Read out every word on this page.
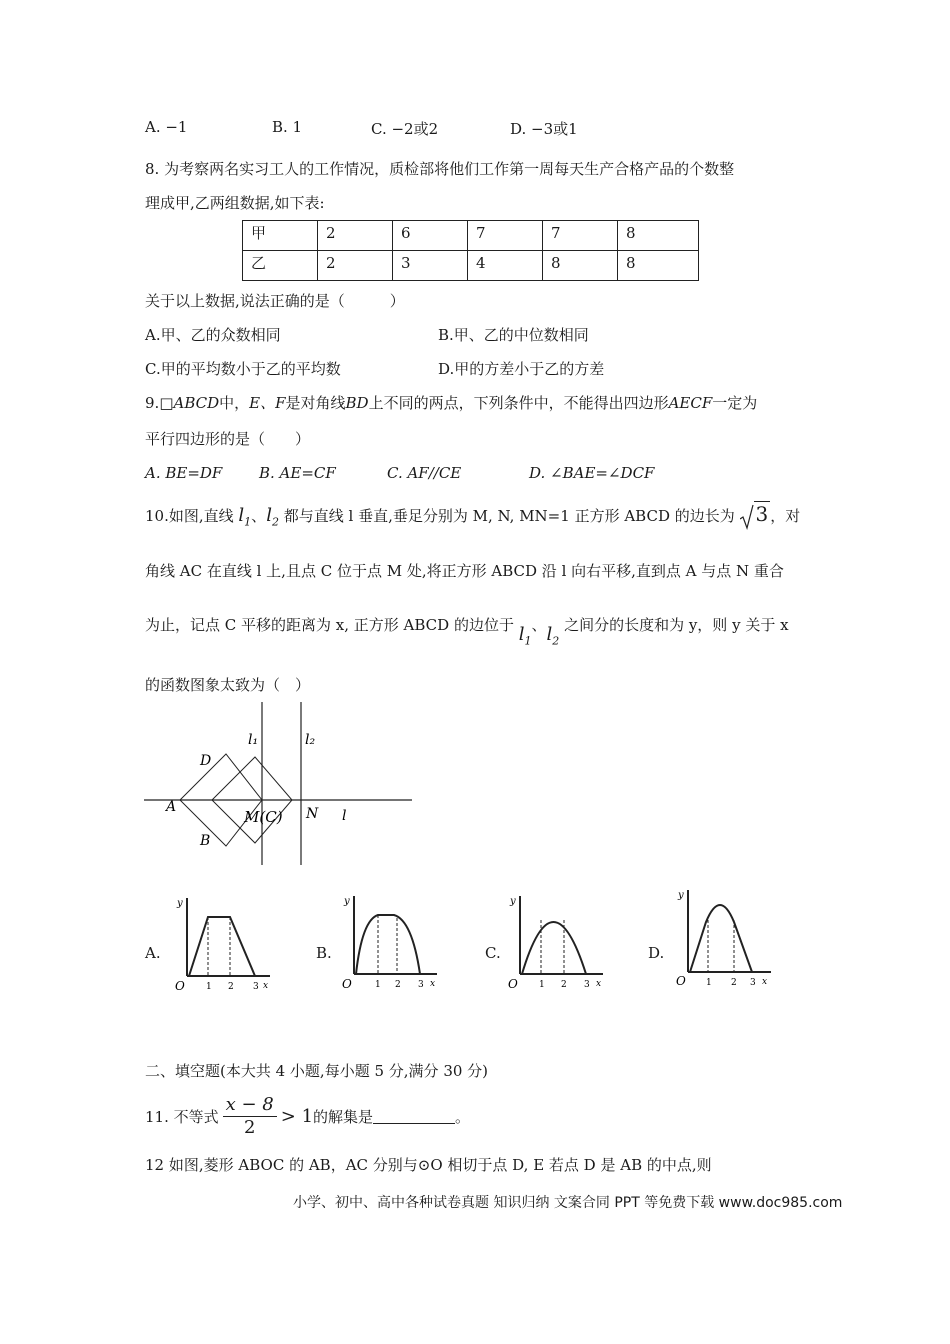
A. −1	B. 1	C. −2或2	D. −3或1
8. 为考察两名实习工人的工作情况，质检部将他们工作第一周每天生产合格产品的个数整
理成甲,乙两组数据,如下表:
甲	2	6	7	7	8
乙	2	3	4	8	8
关于以上数据,说法正确的是（　　　）
A.甲、乙的众数相同	B.甲、乙的中位数相同
C.甲的平均数小于乙的平均数	D.甲的方差小于乙的方差
9.□ABCD中，E、F是对角线BD上不同的两点，下列条件中，不能得出四边形AECF一定为
平行四边形的是（　　）
A. BE=DF B. AE=CF	C. AF//CE	D. ∠BAE=∠DCF
10.如图,直线 $l_1$、$l_2$ 都与直线 l 垂直,垂足分别为 M, N, MN=1 正方形 ABCD 的边长为 3 ，对
角线 AC 在直线 l 上,且点 C 位于点 M 处,将正方形 ABCD 沿 l 向右平移,直到点 A 与点 N 重合
为止，记点 C 平移的距离为 x, 正方形 ABCD 的边位于 $l_1$、$l_2$ 之间分的长度和为 y，则 y 关于 x
的函数图象太致为（　）
D
A
B
M(C) N l
l₁	l₂
A.	B.	C.	D.
y
O 1 2 3 x
y
O	1 2 3 x
y
O 1 2 3 x
y
O 1 2 3 x
二、填空题(本大共 4 小题,每小题 5 分,满分 30 分)
11. 不等式 $\frac{x - 8}{2} > 1$ 的解集是	。
12 如图,菱形 ABOC 的 AB，AC 分别与⊙O 相切于点 D, E 若点 D 是 AB 的中点,则
小学、初中、高中各种试卷真题 知识归纳 文案合同 PPT 等免费下载 www.doc985.com
